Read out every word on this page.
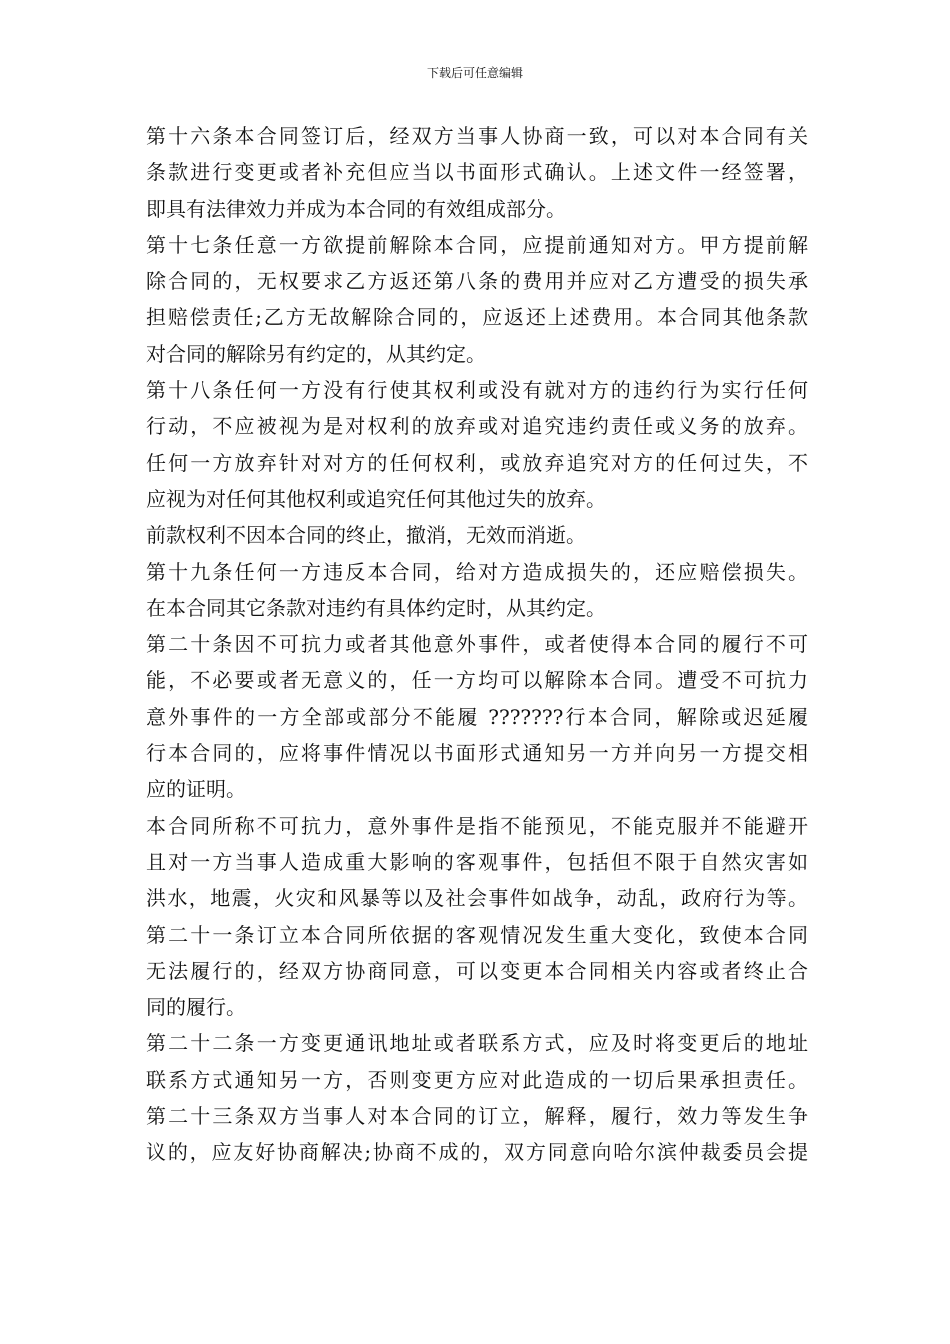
下载后可任意编辑
第十六条本合同签订后，经双方当事人协商一致，可以对本合同有关
条款进行变更或者补充但应当以书面形式确认。上述文件一经签署，
即具有法律效力并成为本合同的有效组成部分。
第十七条任意一方欲提前解除本合同，应提前通知对方。甲方提前解
除合同的，无权要求乙方返还第八条的费用并应对乙方遭受的损失承
担赔偿责任;乙方无故解除合同的，应返还上述费用。本合同其他条款
对合同的解除另有约定的，从其约定。
第十八条任何一方没有行使其权利或没有就对方的违约行为实行任何
行动，不应被视为是对权利的放弃或对追究违约责任或义务的放弃。
任何一方放弃针对对方的任何权利，或放弃追究对方的任何过失，不
应视为对任何其他权利或追究任何其他过失的放弃。
前款权利不因本合同的终止，撤消，无效而消逝。
第十九条任何一方违反本合同，给对方造成损失的，还应赔偿损失。
在本合同其它条款对违约有具体约定时，从其约定。
第二十条因不可抗力或者其他意外事件，或者使得本合同的履行不可
能，不必要或者无意义的，任一方均可以解除本合同。遭受不可抗力
意外事件的一方全部或部分不能履 ???????行本合同，解除或迟延履
行本合同的，应将事件情况以书面形式通知另一方并向另一方提交相
应的证明。
本合同所称不可抗力，意外事件是指不能预见，不能克服并不能避开
且对一方当事人造成重大影响的客观事件，包括但不限于自然灾害如
洪水，地震，火灾和风暴等以及社会事件如战争，动乱，政府行为等。
第二十一条订立本合同所依据的客观情况发生重大变化，致使本合同
无法履行的，经双方协商同意，可以变更本合同相关内容或者终止合
同的履行。
第二十二条一方变更通讯地址或者联系方式，应及时将变更后的地址
联系方式通知另一方，否则变更方应对此造成的一切后果承担责任。
第二十三条双方当事人对本合同的订立，解释，履行，效力等发生争
议的，应友好协商解决;协商不成的，双方同意向哈尔滨仲裁委员会提
